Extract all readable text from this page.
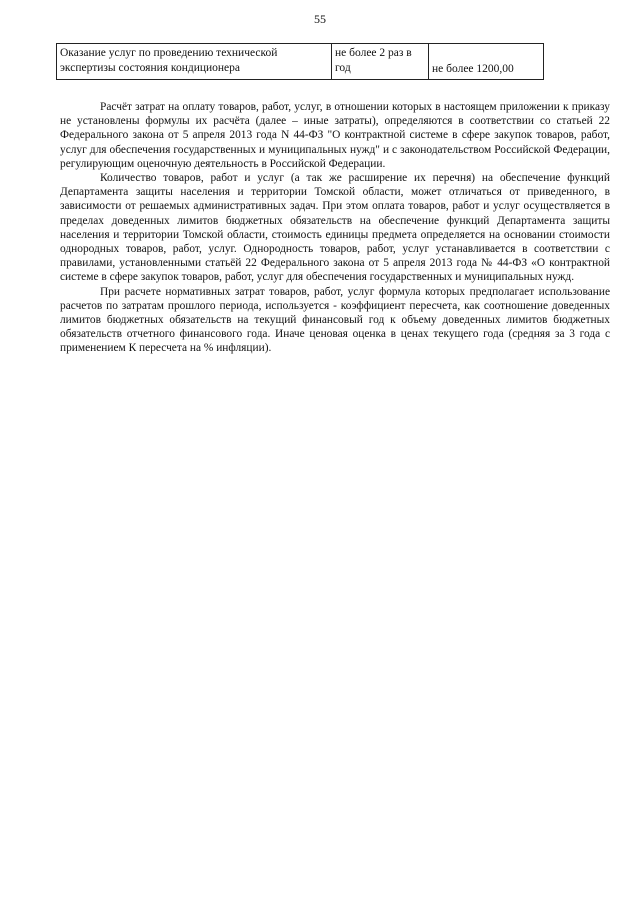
55
Оказание услуг по проведению технической экспертизы состояния кондиционера	не более 2 раз в год	не более 1200,00

Расчёт затрат на оплату товаров, работ, услуг, в отношении которых в настоящем приложении к приказу не установлены формулы их расчёта (далее – иные затраты), определяются в соответствии со статьей 22 Федерального закона от 5 апреля 2013 года N 44-ФЗ "О контрактной системе в сфере закупок товаров, работ, услуг для обеспечения государственных и муниципальных нужд" и с законодательством Российской Федерации, регулирующим оценочную деятельность в Российской Федерации.

Количество товаров, работ и услуг (а так же расширение их перечня) на обеспечение функций Департамента защиты населения и территории Томской области, может отличаться от приведенного, в зависимости от решаемых административных задач. При этом оплата товаров, работ и услуг осуществляется в пределах доведенных лимитов бюджетных обязательств на обеспечение функций Департамента защиты населения и территории Томской области, стоимость единицы предмета определяется на основании стоимости однородных товаров, работ, услуг. Однородность товаров, работ, услуг устанавливается в соответствии с правилами, установленными статьёй 22 Федерального закона от 5 апреля 2013 года № 44-ФЗ «О контрактной системе в сфере закупок товаров, работ, услуг для обеспечения государственных и муниципальных нужд.

При расчете нормативных затрат товаров, работ, услуг формула которых предполагает использование расчетов по затратам прошлого периода, используется - коэффициент пересчета, как соотношение доведенных лимитов бюджетных обязательств на текущий финансовый год к объему доведенных лимитов бюджетных обязательств отчетного финансового года. Иначе ценовая оценка в ценах текущего года (средняя за 3 года с применением К пересчета на % инфляции).
